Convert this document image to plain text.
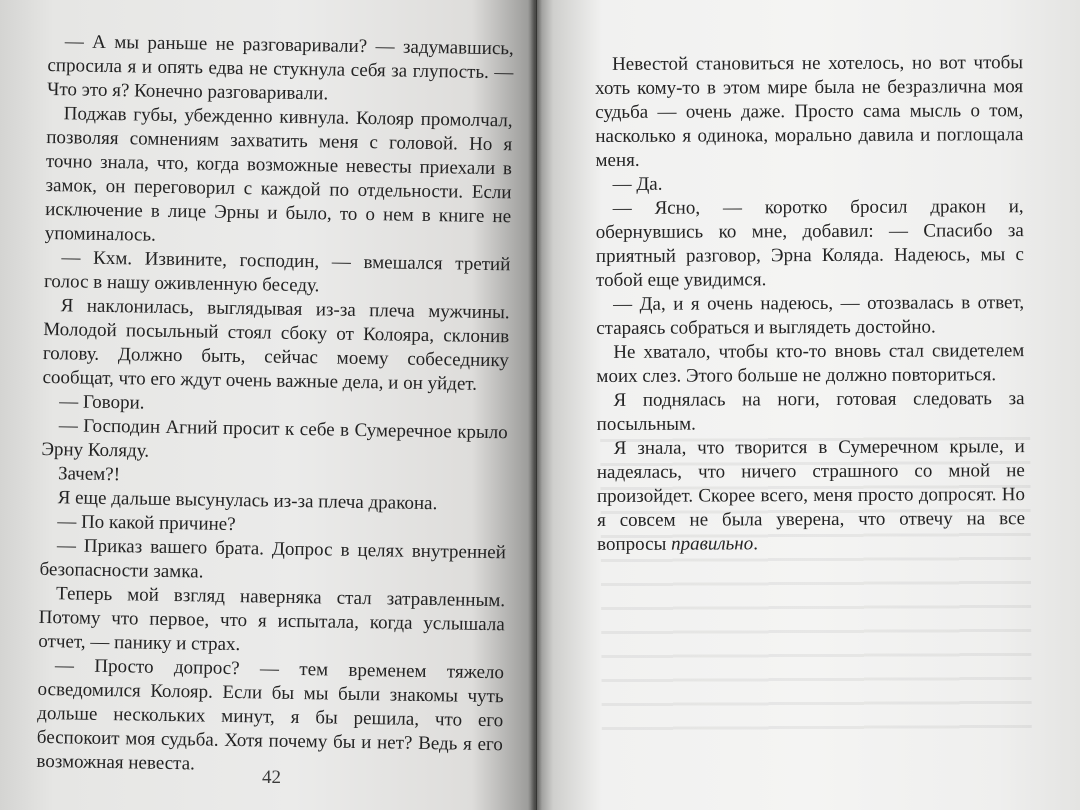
— А мы раньше не разговаривали? — задумавшись, спросила я и опять едва не стукнула себя за глупость. — Что это я? Конечно разговаривали.

Поджав губы, убежденно кивнула. Колояр промолчал, позволяя сомнениям захватить меня с головой. Но я точно знала, что, когда возможные невесты приехали в замок, он переговорил с каждой по отдельности. Если исключение в лице Эрны и было, то о нем в книге не упоминалось.

— Кхм. Извините, господин, — вмешался третий голос в нашу оживленную беседу.

Я наклонилась, выглядывая из-за плеча мужчины. Молодой посыльный стоял сбоку от Колояра, склонив голову. Должно быть, сейчас моему собеседнику сообщат, что его ждут очень важные дела, и он уйдет.

— Говори.

— Господин Агний просит к себе в Сумеречное крыло Эрну Коляду.

Зачем?!

Я еще дальше высунулась из-за плеча дракона.

— По какой причине?

— Приказ вашего брата. Допрос в целях внутренней безопасности замка.

Теперь мой взгляд наверняка стал затравленным. Потому что первое, что я испытала, когда услышала отчет, — панику и страх.

— Просто допрос? — тем временем тяжело осведомился Колояр. Если бы мы были знакомы чуть дольше нескольких минут, я бы решила, что его беспокоит моя судьба. Хотя почему бы и нет? Ведь я его возможная невеста.

42

Невестой становиться не хотелось, но вот чтобы хоть кому-то в этом мире была не безразлична моя судьба — очень даже. Просто сама мысль о том, насколько я одинока, морально давила и поглощала меня.

— Да.

— Ясно, — коротко бросил дракон и, обернувшись ко мне, добавил: — Спасибо за приятный разговор, Эрна Коляда. Надеюсь, мы с тобой еще увидимся.

— Да, и я очень надеюсь, — отозвалась в ответ, стараясь собраться и выглядеть достойно.

Не хватало, чтобы кто-то вновь стал свидетелем моих слез. Этого больше не должно повториться.

Я поднялась на ноги, готовая следовать за посыльным.

Я знала, что творится в Сумеречном крыле, и надеялась, что ничего страшного со мной не произойдет. Скорее всего, меня просто допросят. Но я совсем не была уверена, что отвечу на все вопросы правильно.
